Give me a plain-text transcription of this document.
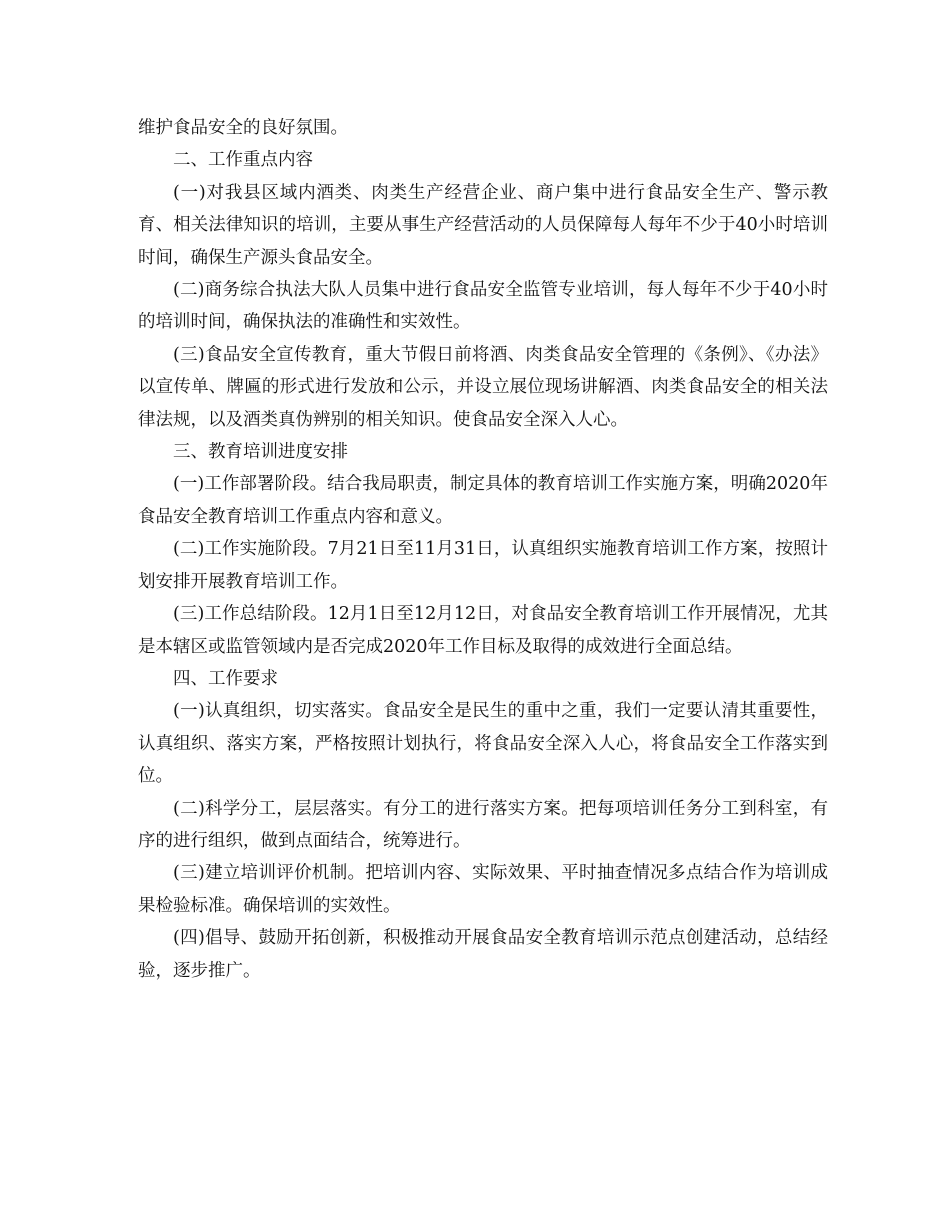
维护食品安全的良好氛围。

二、工作重点内容

(一)对我县区域内酒类、肉类生产经营企业、商户集中进行食品安全生产、警示教育、相关法律知识的培训，主要从事生产经营活动的人员保障每人每年不少于40小时培训时间，确保生产源头食品安全。

(二)商务综合执法大队人员集中进行食品安全监管专业培训，每人每年不少于40小时的培训时间，确保执法的准确性和实效性。

(三)食品安全宣传教育，重大节假日前将酒、肉类食品安全管理的《条例》、《办法》以宣传单、牌匾的形式进行发放和公示，并设立展位现场讲解酒、肉类食品安全的相关法律法规，以及酒类真伪辨别的相关知识。使食品安全深入人心。

三、教育培训进度安排

(一)工作部署阶段。结合我局职责，制定具体的教育培训工作实施方案，明确2020年食品安全教育培训工作重点内容和意义。

(二)工作实施阶段。7月21日至11月31日，认真组织实施教育培训工作方案，按照计划安排开展教育培训工作。

(三)工作总结阶段。12月1日至12月12日，对食品安全教育培训工作开展情况，尤其是本辖区或监管领域内是否完成2020年工作目标及取得的成效进行全面总结。

四、工作要求

(一)认真组织，切实落实。食品安全是民生的重中之重，我们一定要认清其重要性，认真组织、落实方案，严格按照计划执行，将食品安全深入人心，将食品安全工作落实到位。

(二)科学分工，层层落实。有分工的进行落实方案。把每项培训任务分工到科室，有序的进行组织，做到点面结合，统筹进行。

(三)建立培训评价机制。把培训内容、实际效果、平时抽查情况多点结合作为培训成果检验标准。确保培训的实效性。

(四)倡导、鼓励开拓创新，积极推动开展食品安全教育培训示范点创建活动，总结经验，逐步推广。
